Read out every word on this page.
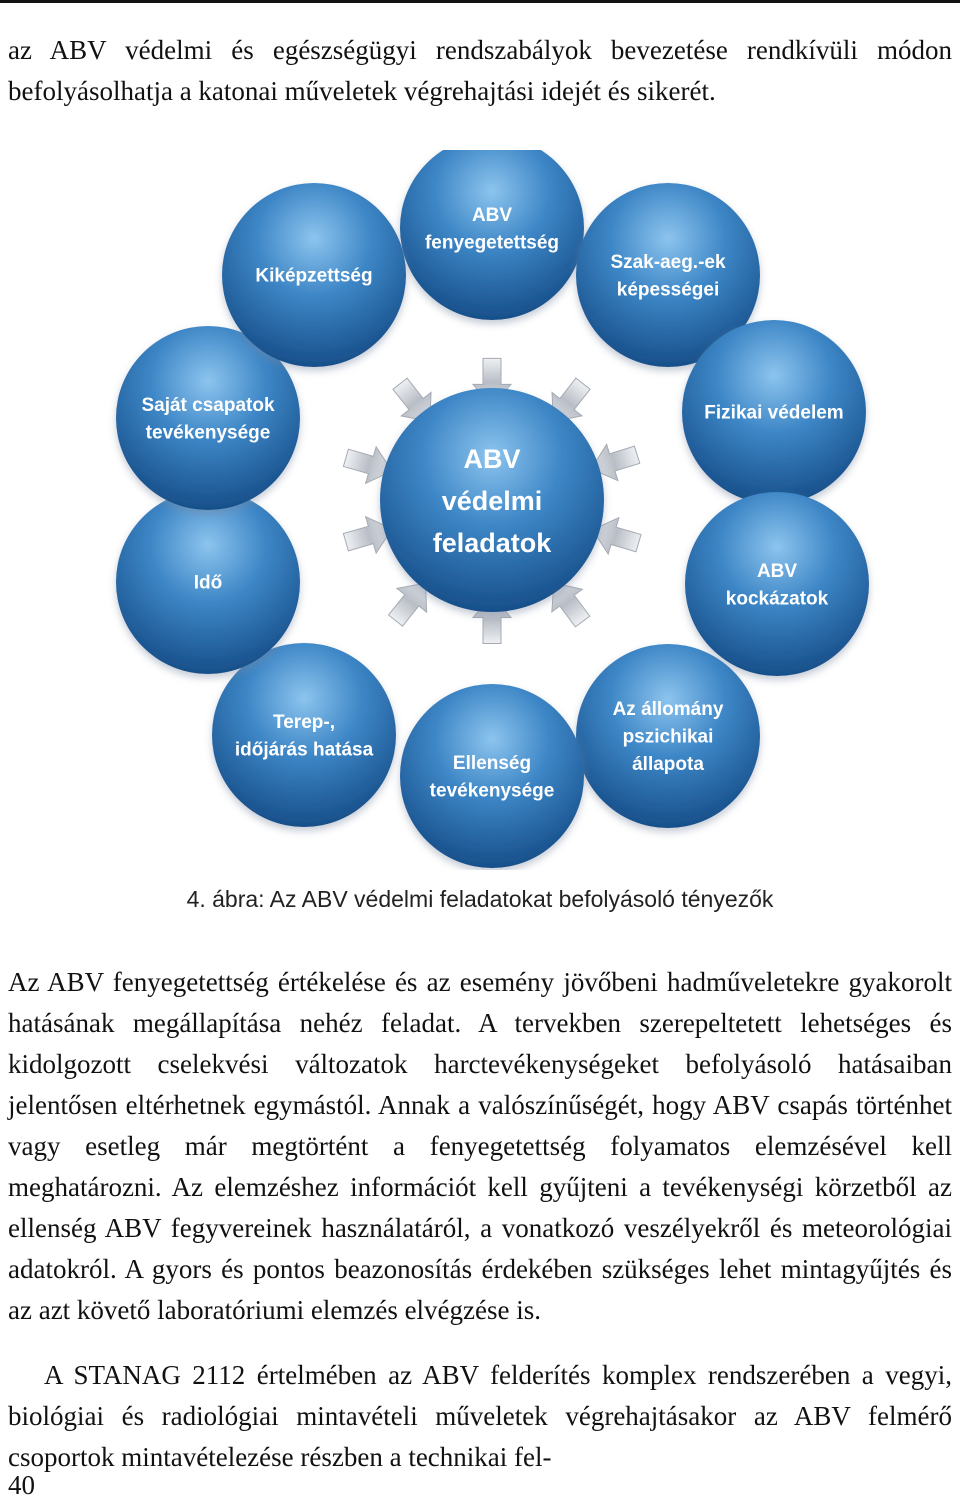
az ABV védelmi és egészségügyi rendszabályok bevezetése rendkívüli módon befolyásolhatja a katonai műveletek végrehajtási idejét és sikerét.

ABV
fenyegetettség
Szak-aeg.-ek
képességei
Fizikai védelem
ABV
kockázatok
Az állomány
pszichikai
állapota
Ellenség
tevékenysége
Terep-,
időjárás hatása
Idő
Saját csapatok
tevékenysége
Kiképzettség
ABV
védelmi
feladatok
4. ábra: Az ABV védelmi feladatokat befolyásoló tényezők

Az ABV fenyegetettség értékelése és az esemény jövőbeni hadműveletekre gyakorolt hatásának megállapítása nehéz feladat. A tervekben szerepeltetett lehetséges és kidolgozott cselekvési változatok harctevékenységeket befolyásoló hatásaiban jelentősen eltérhetnek egymástól. Annak a valószínűségét, hogy ABV csapás történhet vagy esetleg már megtörtént a fenyegetettség folyamatos elemzésével kell meghatározni. Az elemzéshez információt kell gyűjteni a tevékenységi körzetből az ellenség ABV fegyvereinek használatáról, a vonatkozó veszélyekről és meteorológiai adatokról. A gyors és pontos beazonosítás érdekében szükséges lehet mintagyűjtés és az azt követő laboratóriumi elemzés elvégzése is.

A STANAG 2112 értelmében az ABV felderítés komplex rendszerében a vegyi, biológiai és radiológiai mintavételi műveletek végrehajtásakor az ABV felmérő csoportok mintavételezése részben a technikai fel-

40
